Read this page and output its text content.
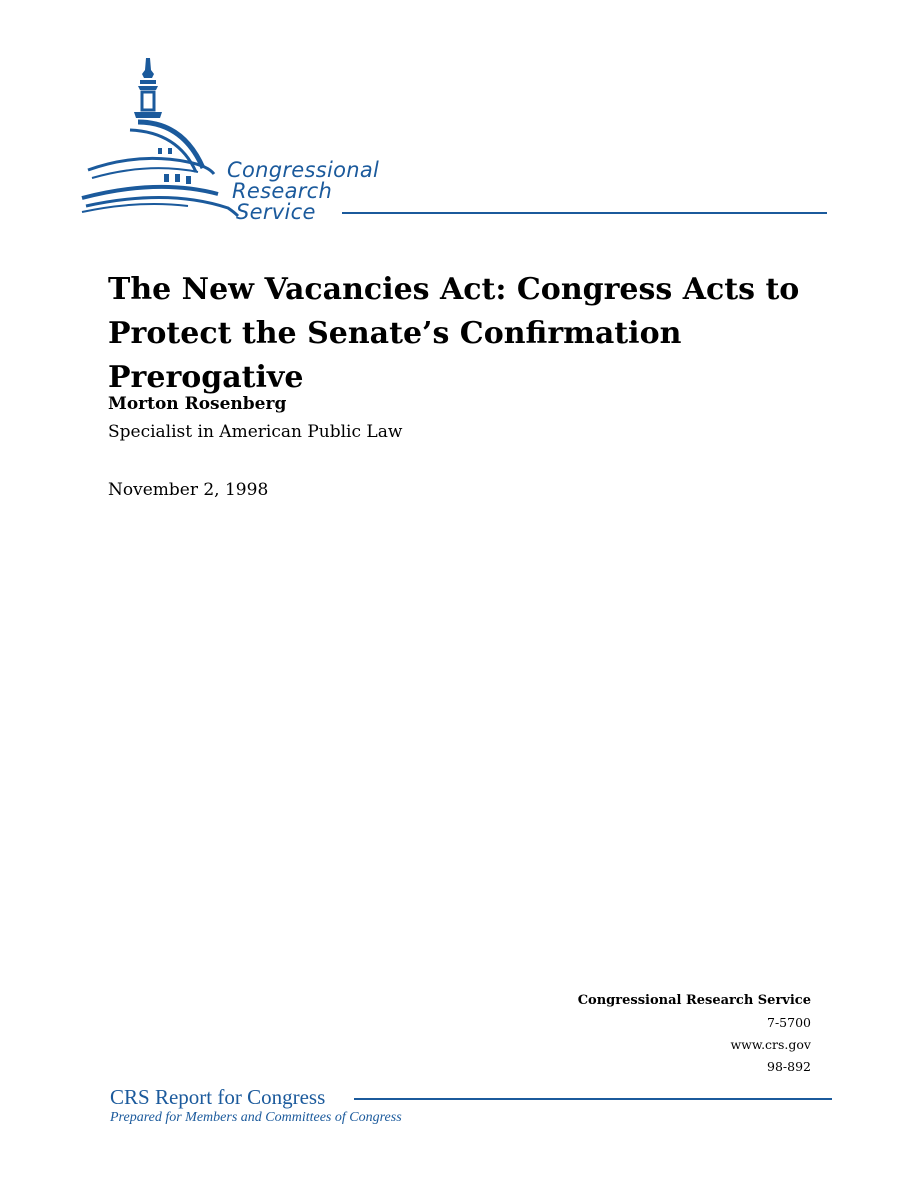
Congressional
Research
Service
The New Vacancies Act: Congress Acts to
Protect the Senate’s Confirmation Prerogative
Morton Rosenberg
Specialist in American Public Law
November 2, 1998
Congressional Research Service
7-5700
www.crs.gov
98-892
CRS Report for Congress
Prepared for Members and Committees of Congress
